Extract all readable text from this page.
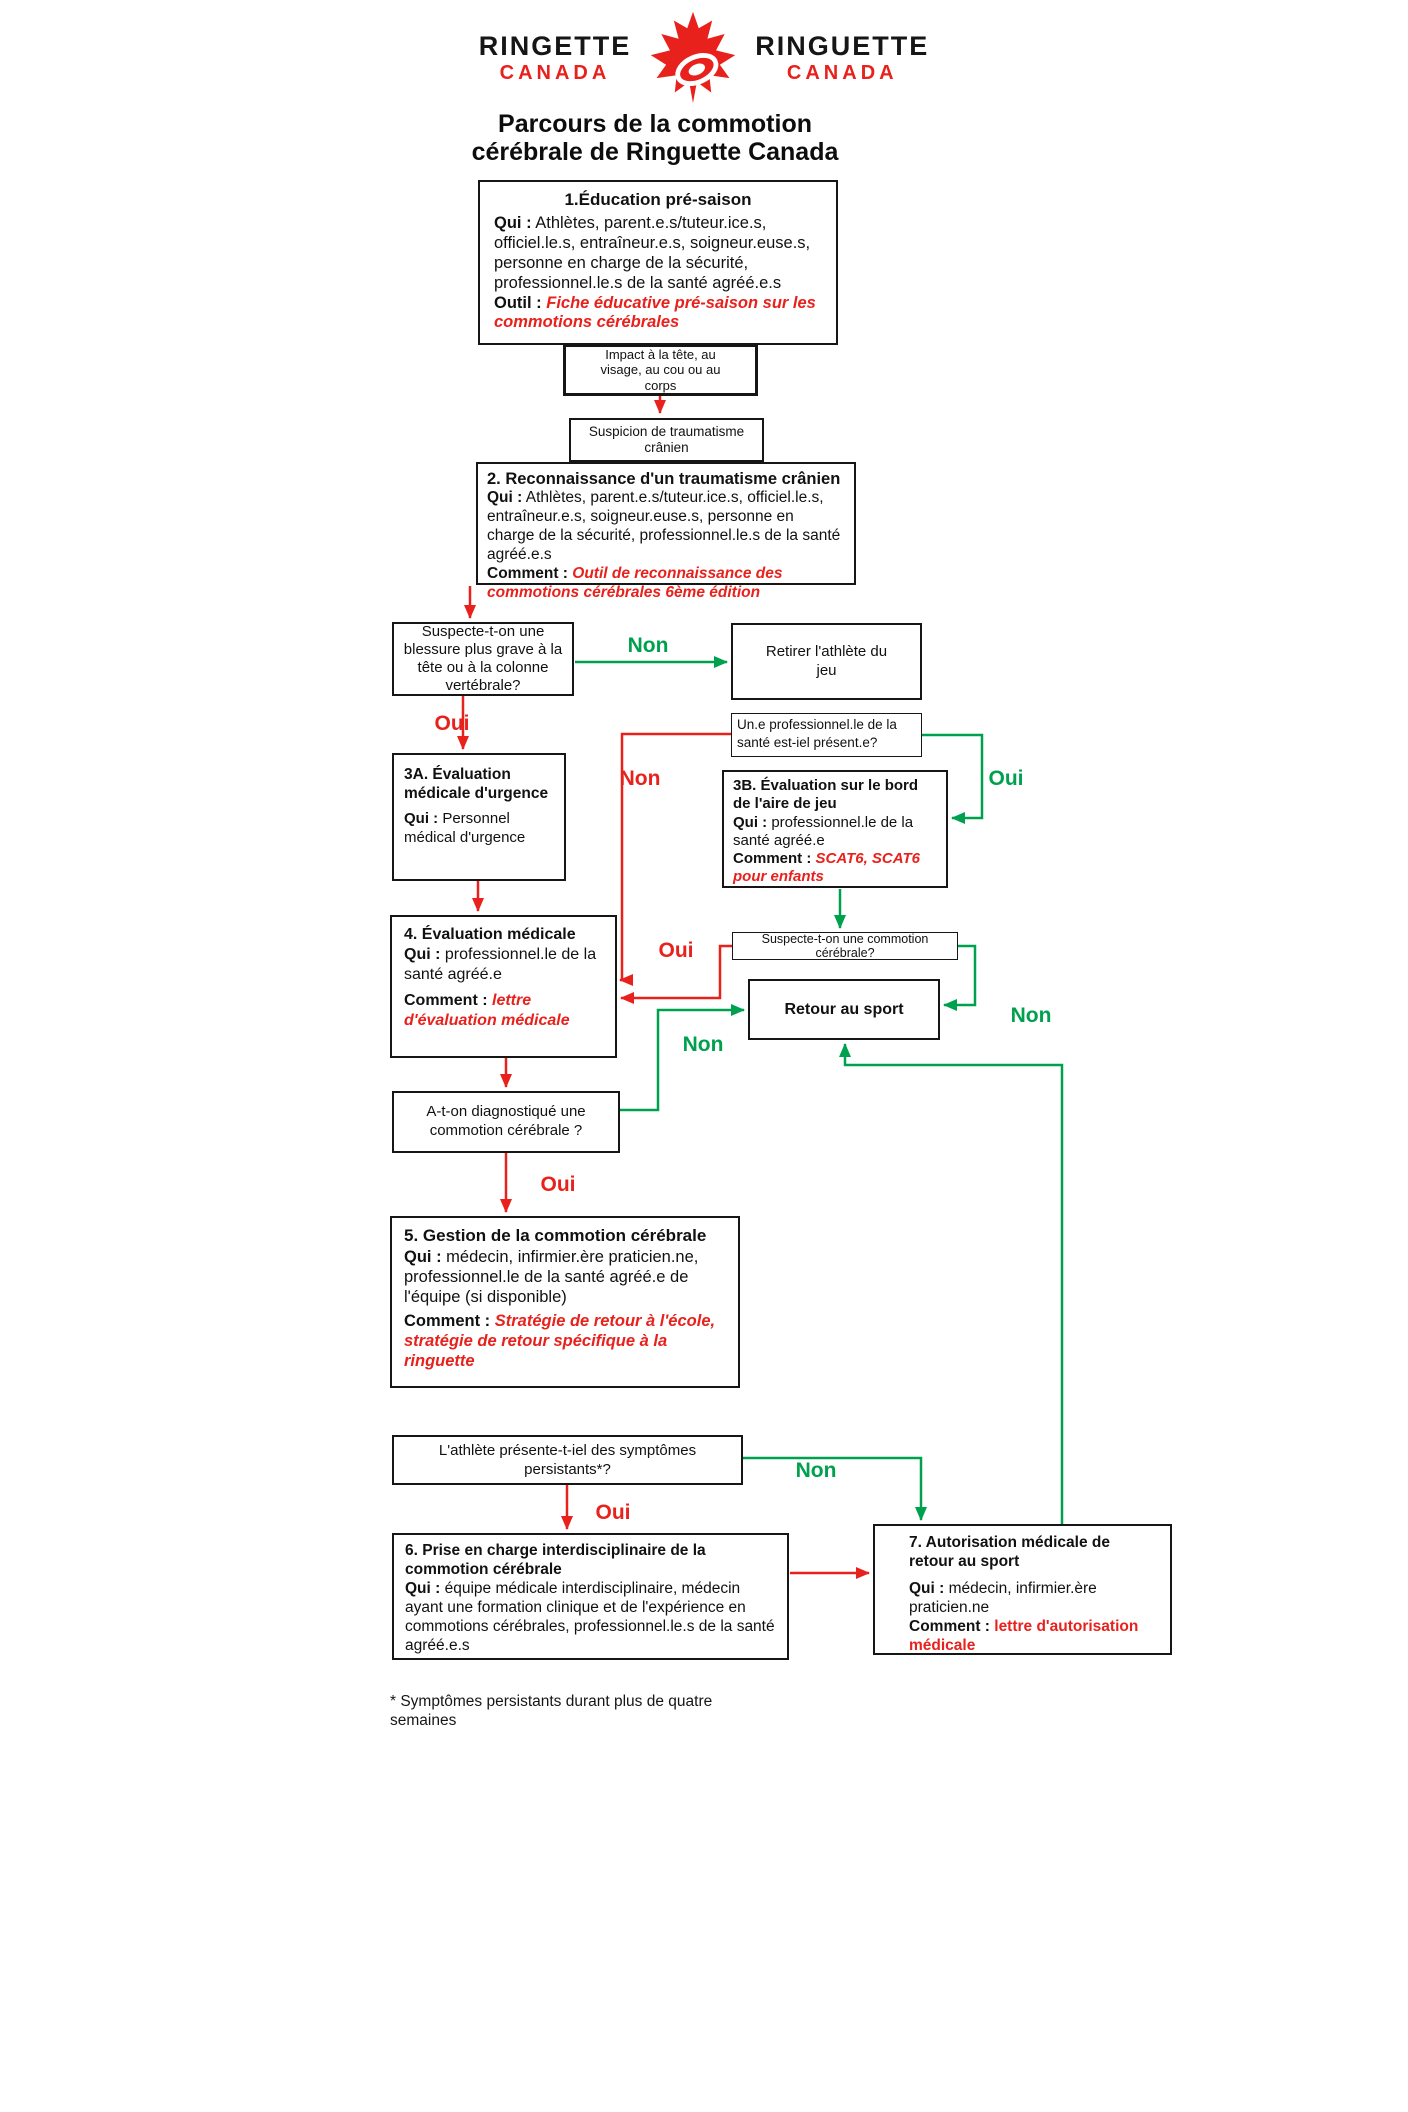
RINGETTE
CANADA
RINGUETTE
CANADA
Parcours de la commotion
cérébrale de Ringuette Canada
Non
Oui
Non	Oui
Oui
Non
Non
Oui
Non
Oui
1.Éducation pré-saison

Qui : Athlètes, parent.e.s/tuteur.ice.s, officiel.le.s, entraîneur.e.s, soigneur.euse.s, personne en charge de la sécurité, professionnel.le.s de la santé agréé.e.s

Outil : Fiche éducative pré-saison sur les commotions cérébrales

Impact à la tête, au visage, au cou ou au corps
Suspicion de traumatisme crânien
2. Reconnaissance d'un traumatisme crânien

Qui : Athlètes, parent.e.s/tuteur.ice.s, officiel.le.s, entraîneur.e.s, soigneur.euse.s, personne en charge de la sécurité, professionnel.le.s de la santé agréé.e.s

Comment : Outil de reconnaissance des commotions cérébrales 6ème édition

Suspecte-t-on une blessure plus grave à la tête ou à la colonne vertébrale?
Retirer l'athlète du jeu
Un.e professionnel.le de la santé est-iel présent.e?
3A. Évaluation médicale d'urgence

Qui : Personnel médical d'urgence

3B. Évaluation sur le bord de l'aire de jeu

Qui : professionnel.le de la santé agréé.e

Comment : SCAT6, SCAT6 pour enfants

Suspecte-t-on une commotion cérébrale?
4. Évaluation médicale

Qui : professionnel.le de la santé agréé.e

Comment : lettre d'évaluation médicale

Retour au sport
A-t-on diagnostiqué une commotion cérébrale ?
5. Gestion de la commotion cérébrale

Qui : médecin, infirmier.ère praticien.ne, professionnel.le de la santé agréé.e de l'équipe (si disponible)

Comment : Stratégie de retour à l'école, stratégie de retour spécifique à la ringuette

L'athlète présente-t-iel des symptômes persistants*?
6. Prise en charge interdisciplinaire de la commotion cérébrale

Qui : équipe médicale interdisciplinaire, médecin ayant une formation clinique et de l'expérience en commotions cérébrales, professionnel.le.s de la santé agréé.e.s

7. Autorisation médicale de retour au sport

Qui : médecin, infirmier.ère praticien.ne

Comment : lettre d'autorisation médicale

* Symptômes persistants durant plus de quatre semaines
